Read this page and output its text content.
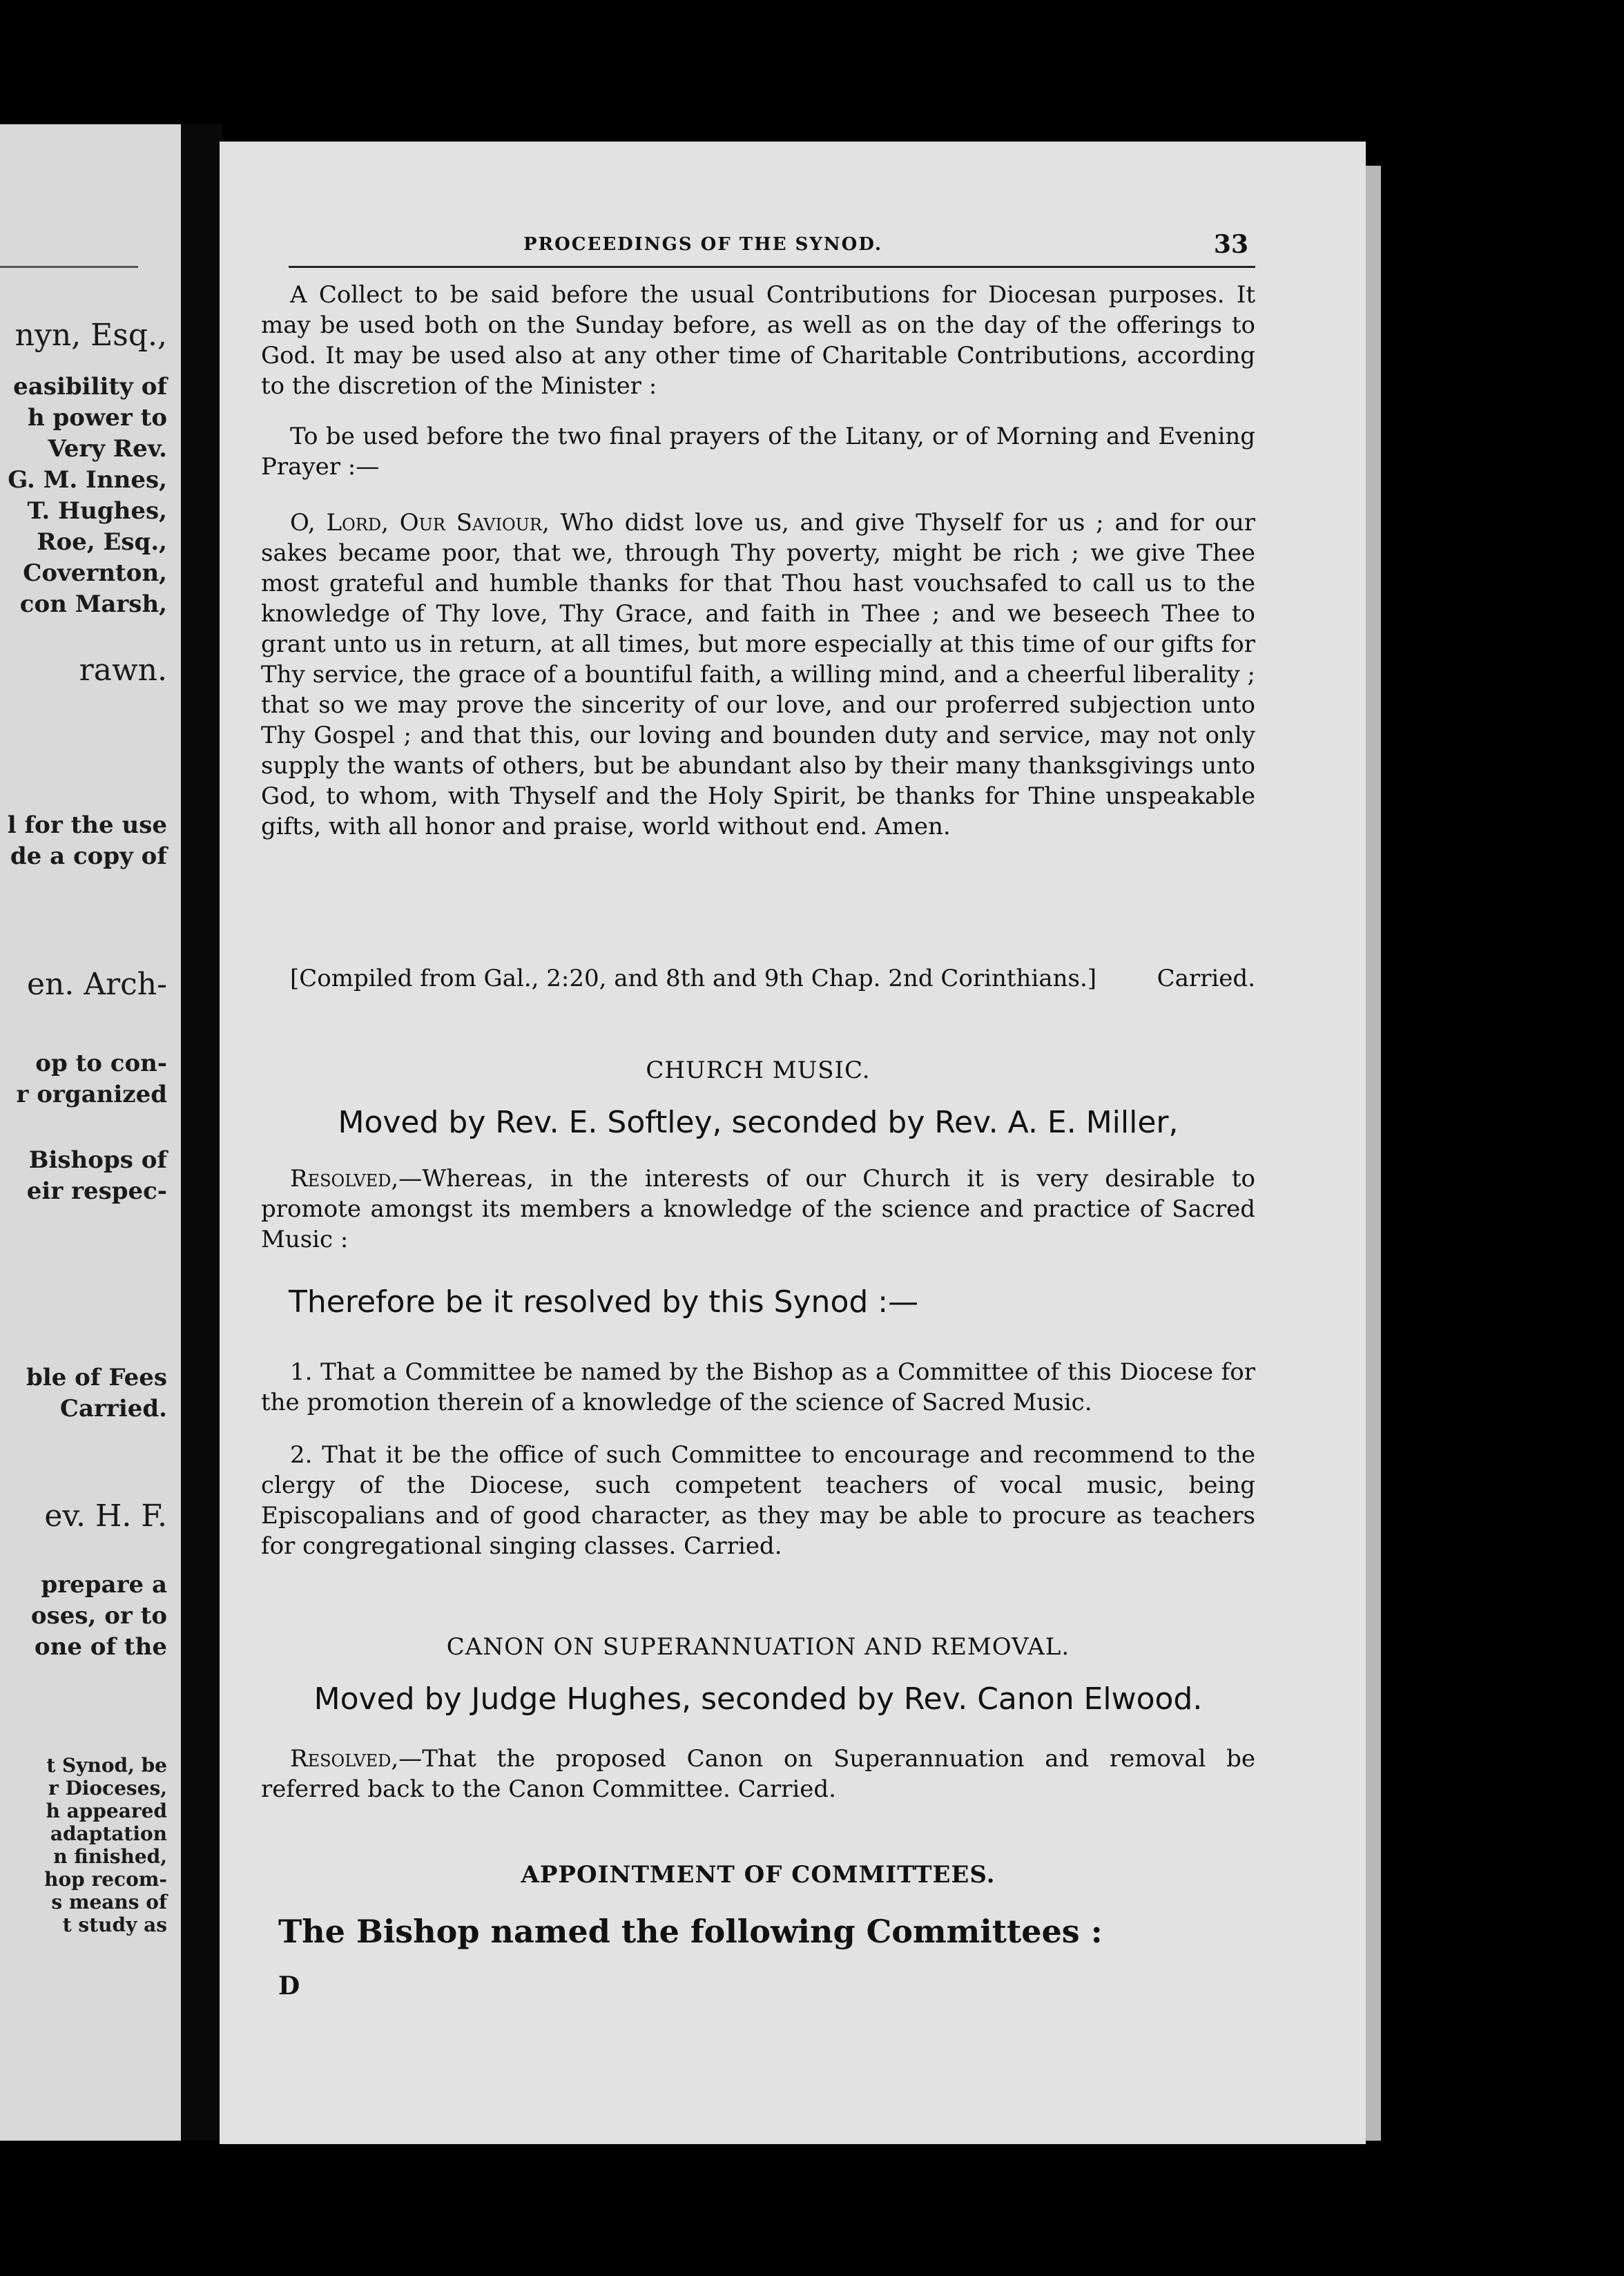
nyn, Esq.,
easibility of
h power to
Very Rev.
G. M. Innes,
T. Hughes,
Roe, Esq.,
Covernton,
con Marsh,
rawn.
l for the use
de a copy of
en. Arch-
op to con-
r organized
Bishops of
eir respec-
ble of Fees
Carried.
ev. H. F.
prepare a
oses, or to
one of the
t Synod, be
r Dioceses,
h appeared
adaptation
n finished,
hop recom-
s means of
t study as
PROCEEDINGS OF THE SYNOD.	33
A Collect to be said before the usual Contributions for Diocesan purposes. It may be used both on the Sunday before, as well as on the day of the offerings to God. It may be used also at any other time of Charitable Contributions, according to the discretion of the Minister :
To be used before the two final prayers of the Litany, or of Morning and Evening Prayer :—
O, Lord, Our Saviour, Who didst love us, and give Thyself for us ; and for our sakes became poor, that we, through Thy poverty, might be rich ; we give Thee most grateful and humble thanks for that Thou hast vouchsafed to call us to the knowledge of Thy love, Thy Grace, and faith in Thee ; and we beseech Thee to grant unto us in return, at all times, but more especially at this time of our gifts for Thy service, the grace of a bountiful faith, a willing mind, and a cheerful liberality ; that so we may prove the sincerity of our love, and our proferred subjection unto Thy Gospel ; and that this, our loving and bounden duty and service, may not only supply the wants of others, but be abundant also by their many thanksgivings unto God, to whom, with Thyself and the Holy Spirit, be thanks for Thine unspeakable gifts, with all honor and praise, world without end. Amen.
[Compiled from Gal., 2:20, and 8th and 9th Chap. 2nd Corinthians.]	Carried.
CHURCH MUSIC.
Moved by Rev. E. Softley, seconded by Rev. A. E. Miller,
Resolved,—Whereas, in the interests of our Church it is very desirable to promote amongst its members a knowledge of the science and practice of Sacred Music :
Therefore be it resolved by this Synod :—
1. That a Committee be named by the Bishop as a Committee of this Diocese for the promotion therein of a knowledge of the science of Sacred Music.
2. That it be the office of such Committee to encourage and recommend to the clergy of the Diocese, such competent teachers of vocal music, being Episcopalians and of good character, as they may be able to procure as teachers for congregational singing classes. Carried.
CANON ON SUPERANNUATION AND REMOVAL.
Moved by Judge Hughes, seconded by Rev. Canon Elwood.
Resolved,—That the proposed Canon on Superannuation and removal be referred back to the Canon Committee. Carried.
APPOINTMENT OF COMMITTEES.
The Bishop named the following Committees :
D
